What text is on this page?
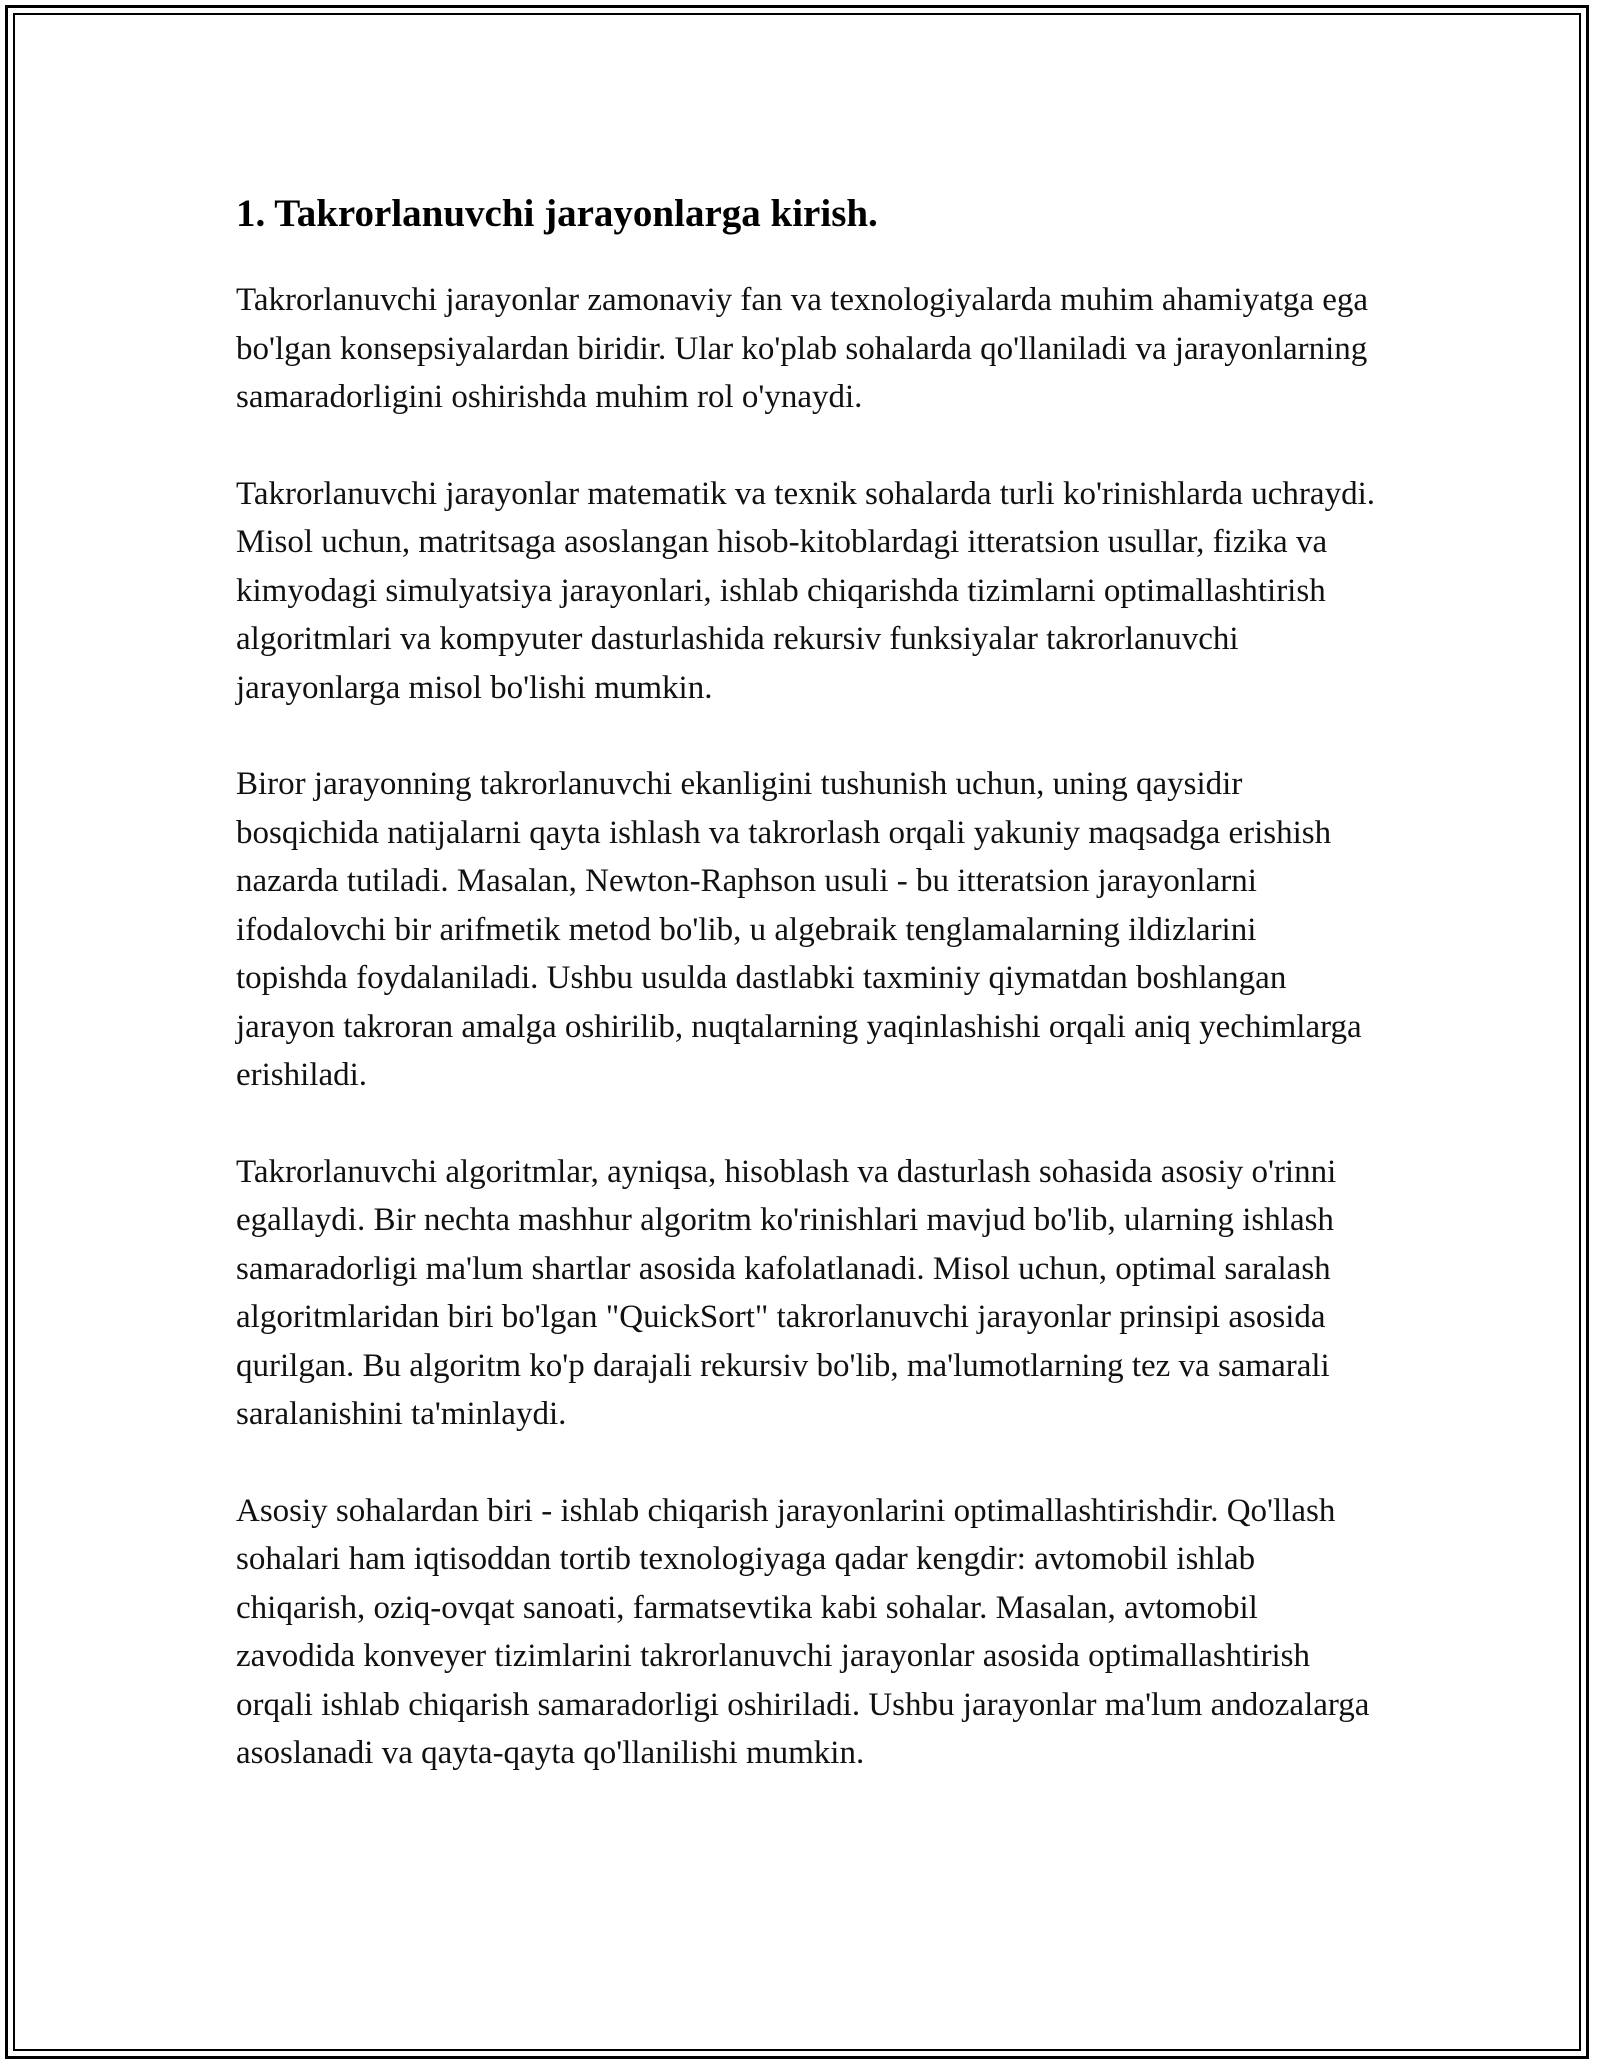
1. Takrorlanuvchi jarayonlarga kirish.

Takrorlanuvchi jarayonlar zamonaviy fan va texnologiyalarda muhim ahamiyatga ega bo'lgan konsepsiyalardan biridir. Ular ko'plab sohalarda qo'llaniladi va jarayonlarning samaradorligini oshirishda muhim rol o'ynaydi.

Takrorlanuvchi jarayonlar matematik va texnik sohalarda turli ko'rinishlarda uchraydi. Misol uchun, matritsaga asoslangan hisob-kitoblardagi itteratsion usullar, fizika va kimyodagi simulyatsiya jarayonlari, ishlab chiqarishda tizimlarni optimallashtirish algoritmlari va kompyuter dasturlashida rekursiv funksiyalar takrorlanuvchi jarayonlarga misol bo'lishi mumkin.

Biror jarayonning takrorlanuvchi ekanligini tushunish uchun, uning qaysidir bosqichida natijalarni qayta ishlash va takrorlash orqali yakuniy maqsadga erishish nazarda tutiladi. Masalan, Newton-Raphson usuli - bu itteratsion jarayonlarni ifodalovchi bir arifmetik metod bo'lib, u algebraik tenglamalarning ildizlarini topishda foydalaniladi. Ushbu usulda dastlabki taxminiy qiymatdan boshlangan jarayon takroran amalga oshirilib, nuqtalarning yaqinlashishi orqali aniq yechimlarga erishiladi.

Takrorlanuvchi algoritmlar, ayniqsa, hisoblash va dasturlash sohasida asosiy o'rinni egallaydi. Bir nechta mashhur algoritm ko'rinishlari mavjud bo'lib, ularning ishlash samaradorligi ma'lum shartlar asosida kafolatlanadi. Misol uchun, optimal saralash algoritmlaridan biri bo'lgan "QuickSort" takrorlanuvchi jarayonlar prinsipi asosida qurilgan. Bu algoritm ko'p darajali rekursiv bo'lib, ma'lumotlarning tez va samarali saralanishini ta'minlaydi.

Asosiy sohalardan biri - ishlab chiqarish jarayonlarini optimallashtirishdir. Qo'llash sohalari ham iqtisoddan tortib texnologiyaga qadar kengdir: avtomobil ishlab chiqarish, oziq-ovqat sanoati, farmatsevtika kabi sohalar. Masalan, avtomobil zavodida konveyer tizimlarini takrorlanuvchi jarayonlar asosida optimallashtirish orqali ishlab chiqarish samaradorligi oshiriladi. Ushbu jarayonlar ma'lum andozalarga asoslanadi va qayta-qayta qo'llanilishi mumkin.
